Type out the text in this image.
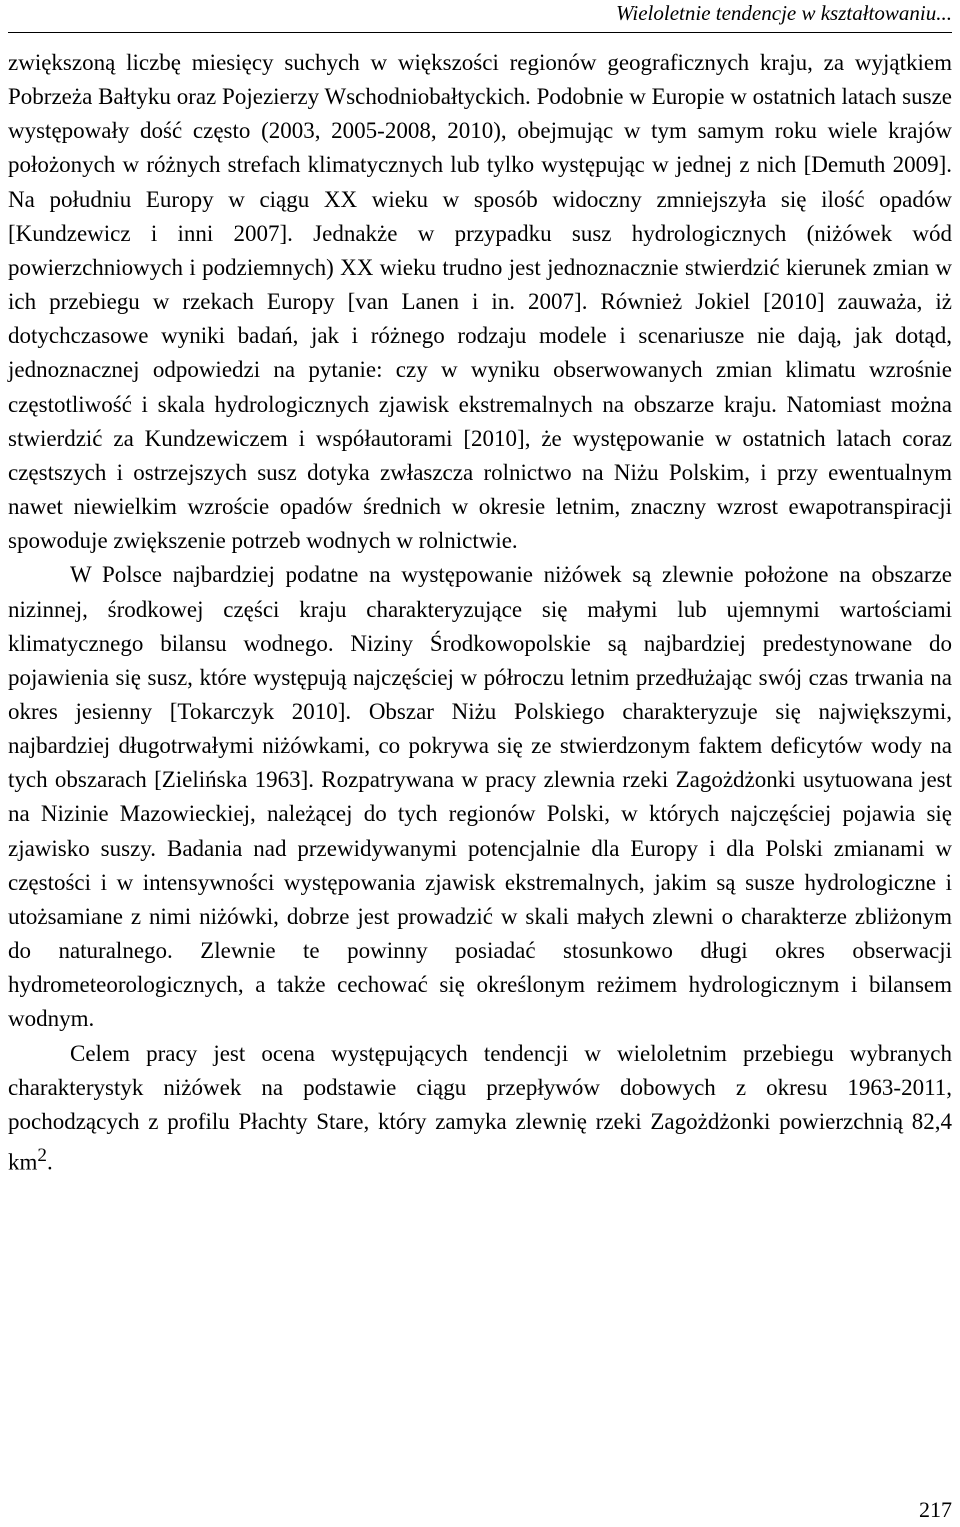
Wieloletnie tendencje w kształtowaniu...

zwiększoną liczbę miesięcy suchych w większości regionów geograficznych kraju, za wyjątkiem Pobrzeża Bałtyku oraz Pojezierzy Wschodniobałtyckich. Podobnie w Europie w ostatnich latach susze występowały dość często (2003, 2005-2008, 2010), obejmując w tym samym roku wiele krajów położonych w różnych strefach klimatycznych lub tylko występując w jednej z nich [Demuth 2009]. Na południu Europy w ciągu XX wieku w sposób widoczny zmniejszyła się ilość opadów [Kundzewicz i inni 2007]. Jednakże w przypadku susz hydrologicznych (niżówek wód powierzchniowych i podziemnych) XX wieku trudno jest jednoznacznie stwierdzić kierunek zmian w ich przebiegu w rzekach Europy [van Lanen i in. 2007]. Również Jokiel [2010] zauważa, iż dotychczasowe wyniki badań, jak i różnego rodzaju modele i scenariusze nie dają, jak dotąd, jednoznacznej odpowiedzi na pytanie: czy w wyniku obserwowanych zmian klimatu wzrośnie częstotliwość i skala hydrologicznych zjawisk ekstremalnych na obszarze kraju. Natomiast można stwierdzić za Kundzewiczem i współautorami [2010], że występowanie w ostatnich latach coraz częstszych i ostrzejszych susz dotyka zwłaszcza rolnictwo na Niżu Polskim, i przy ewentualnym nawet niewielkim wzroście opadów średnich w okresie letnim, znaczny wzrost ewapotranspiracji spowoduje zwiększenie potrzeb wodnych w rolnictwie.

W Polsce najbardziej podatne na występowanie niżówek są zlewnie położone na obszarze nizinnej, środkowej części kraju charakteryzujące się małymi lub ujemnymi wartościami klimatycznego bilansu wodnego. Niziny Środkowopolskie są najbardziej predestynowane do pojawienia się susz, które występują najczęściej w półroczu letnim przedłużając swój czas trwania na okres jesienny [Tokarczyk 2010]. Obszar Niżu Polskiego charakteryzuje się największymi, najbardziej długotrwałymi niżówkami, co pokrywa się ze stwierdzonym faktem deficytów wody na tych obszarach [Zielińska 1963]. Rozpatrywana w pracy zlewnia rzeki Zagożdżonki usytuowana jest na Nizinie Mazowieckiej, należącej do tych regionów Polski, w których najczęściej pojawia się zjawisko suszy. Badania nad przewidywanymi potencjalnie dla Europy i dla Polski zmianami w częstości i w intensywności występowania zjawisk ekstremalnych, jakim są susze hydrologiczne i utożsamiane z nimi niżówki, dobrze jest prowadzić w skali małych zlewni o charakterze zbliżonym do naturalnego. Zlewnie te powinny posiadać stosunkowo długi okres obserwacji hydrometeorologicznych, a także cechować się określonym reżimem hydrologicznym i bilansem wodnym.

Celem pracy jest ocena występujących tendencji w wieloletnim przebiegu wybranych charakterystyk niżówek na podstawie ciągu przepływów dobowych z okresu 1963-2011, pochodzących z profilu Płachty Stare, który zamyka zlewnię rzeki Zagożdżonki powierzchnią 82,4 $km^2$.

217
